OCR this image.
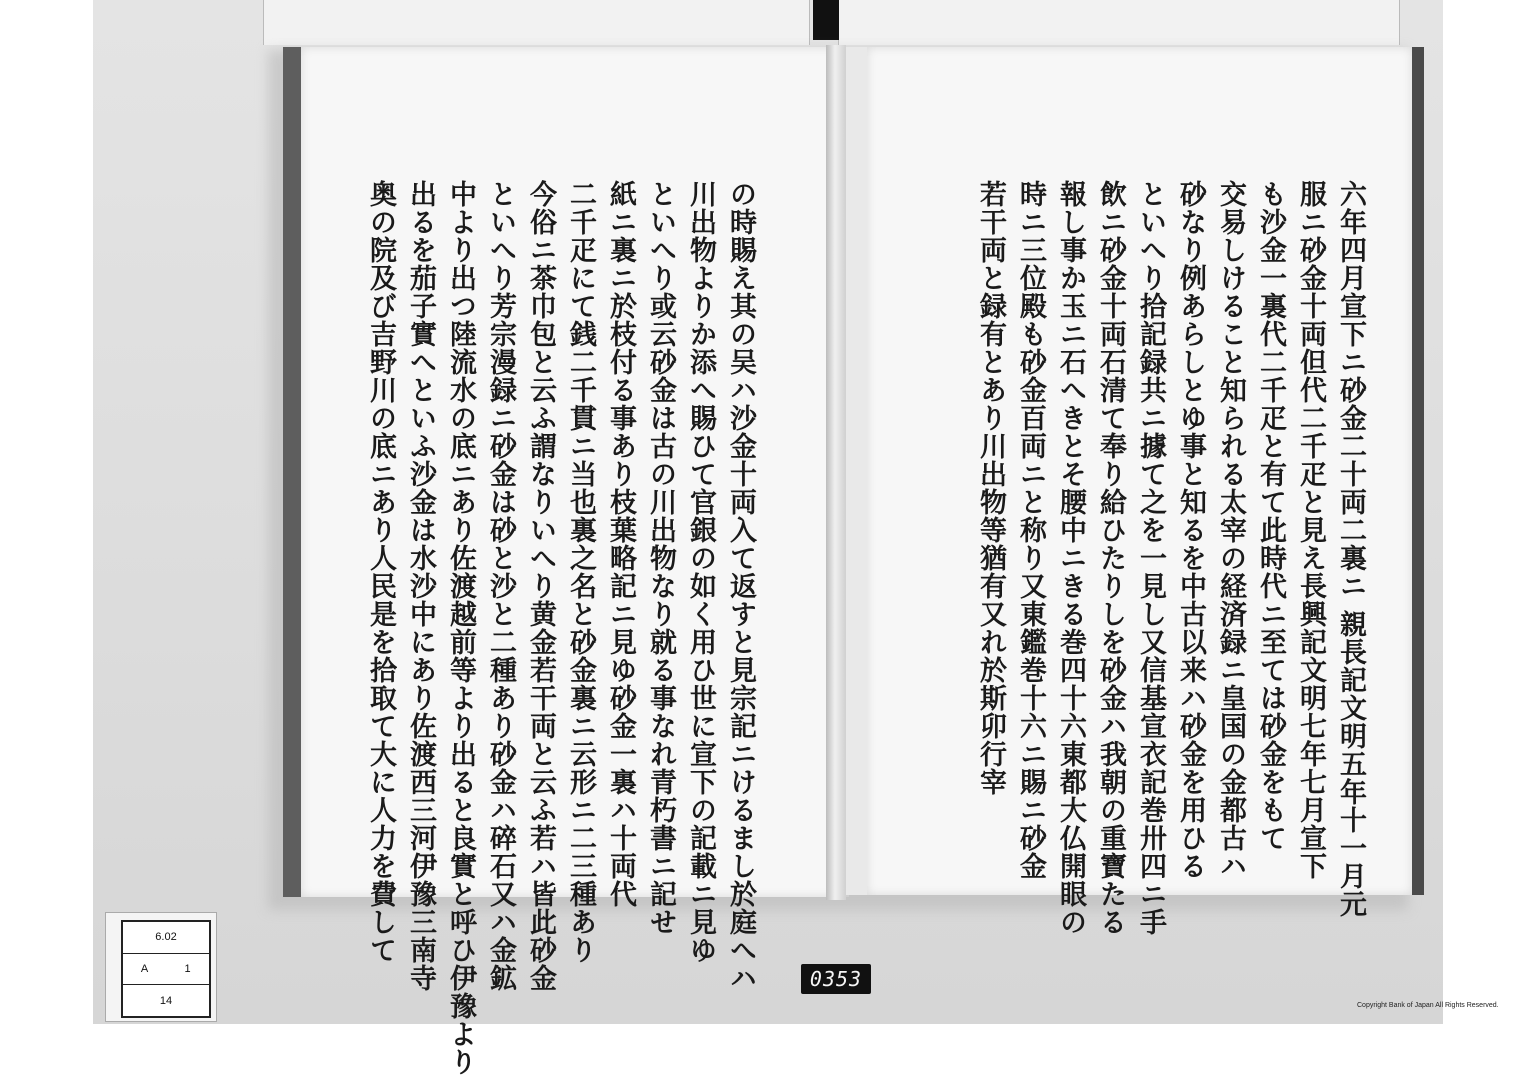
六年四月宣下ニ砂金二十両二裏ニ 親長記文明五年十一月元
服ニ砂金十両但代二千疋と見え長興記文明七年七月宣下
も沙金一裏代二千疋と有て此時代ニ至ては砂金をもて
交易しけること知られる太宰の経済録ニ皇国の金都古ハ
砂なり例あらしとゆ事と知るを中古以来ハ砂金を用ひる
といへり拾記録共ニ據て之を一見し又信基宣衣記巻卅四ニ手
飲ニ砂金十両石清て奉り給ひたりしを砂金ハ我朝の重寶たる
報し事か玉ニ石へきとそ腰中ニきる巻四十六東都大仏開眼の
時ニ三位殿も砂金百両ニと称り又東鑑巻十六ニ賜ニ砂金
若干両と録有とあり川出物等猶有又れ於斯卯行宰
の時賜え其の吴ハ沙金十両入て返すと見宗記ニけるまし於庭へハ
川出物よりか添へ賜ひて官銀の如く用ひ世に宣下の記載ニ見ゆ
といへり或云砂金は古の川出物なり就る事なれ青朽書ニ記せ
紙ニ裏ニ於枝付る事あり枝葉略記ニ見ゆ砂金一裏ハ十両代
二千疋にて銭二千貫ニ当也裏之名と砂金裏ニ云形ニ二三種あり
今俗ニ茶巾包と云ふ謂なりいへり黄金若干両と云ふ若ハ皆此砂金
といへり芳宗漫録ニ砂金は砂と沙と二種あり砂金ハ碎石又ハ金鉱
中より出つ陸流水の底ニあり佐渡越前等より出ると良實と呼ひ伊豫より
出るを茄子實へといふ沙金は水沙中にあり佐渡西三河伊豫三南寺
奥の院及び吉野川の底ニあり人民是を拾取て大に人力を費して
6.02
A	1
14
0353
Copyright Bank of Japan All Rights Reserved.
